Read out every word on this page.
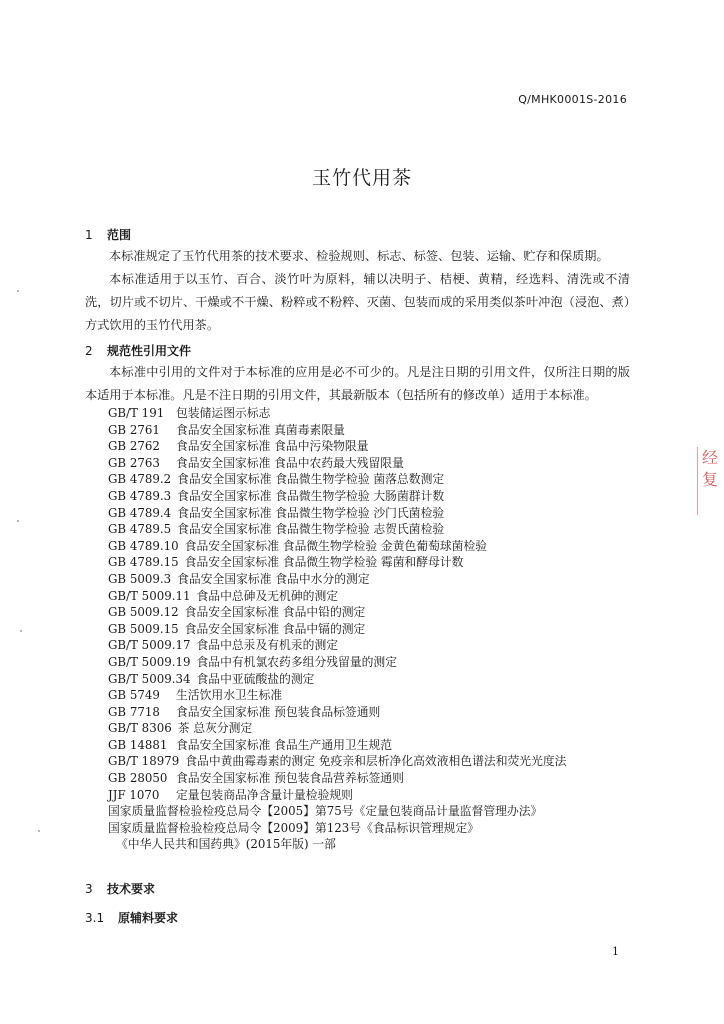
Q/MHK0001S-2016
玉竹代用茶
1 范围

本标准规定了玉竹代用茶的技术要求、检验规则、标志、标签、包装、运输、贮存和保质期。

本标准适用于以玉竹、百合、淡竹叶为原料，辅以决明子、桔梗、黄精，经选料、清洗或不清洗，切片或不切片、干燥或不干燥、粉粹或不粉粹、灭菌、包装而成的采用类似茶叶冲泡（浸泡、煮）方式饮用的玉竹代用茶。

2 规范性引用文件

本标准中引用的文件对于本标准的应用是必不可少的。凡是注日期的引用文件，仅所注日期的版本适用于本标准。凡是不注日期的引用文件，其最新版本（包括所有的修改单）适用于本标准。

GB/T 191 包装储运图示标志
GB 2761 食品安全国家标准 真菌毒素限量
GB 2762 食品安全国家标准 食品中污染物限量
GB 2763 食品安全国家标准 食品中农药最大残留限量
GB 4789.2 食品安全国家标准 食品微生物学检验 菌落总数测定
GB 4789.3 食品安全国家标准 食品微生物学检验 大肠菌群计数
GB 4789.4 食品安全国家标准 食品微生物学检验 沙门氏菌检验
GB 4789.5 食品安全国家标准 食品微生物学检验 志贺氏菌检验
GB 4789.10 食品安全国家标准 食品微生物学检验 金黄色葡萄球菌检验
GB 4789.15 食品安全国家标准 食品微生物学检验 霉菌和酵母计数
GB 5009.3 食品安全国家标准 食品中水分的测定
GB/T 5009.11 食品中总砷及无机砷的测定
GB 5009.12 食品安全国家标准 食品中铅的测定
GB 5009.15 食品安全国家标准 食品中镉的测定
GB/T 5009.17 食品中总汞及有机汞的测定
GB/T 5009.19 食品中有机氯农药多组分残留量的测定
GB/T 5009.34 食品中亚硫酸盐的测定
GB 5749 生活饮用水卫生标准
GB 7718 食品安全国家标准 预包装食品标签通则
GB/T 8306 茶 总灰分测定
GB 14881 食品安全国家标准 食品生产通用卫生规范
GB/T 18979 食品中黄曲霉毒素的测定 免疫亲和层析净化高效液相色谱法和荧光光度法
GB 28050 食品安全国家标准 预包装食品营养标签通则
JJF 1070 定量包装商品净含量计量检验规则
国家质量监督检验检疫总局令【2005】第75号《定量包装商品计量监督管理办法》
国家质量监督检验检疫总局令【2009】第123号《食品标识管理规定》
《中华人民共和国药典》(2015年版) 一部
3 技术要求
3.1 原辅料要求
1
经 复
